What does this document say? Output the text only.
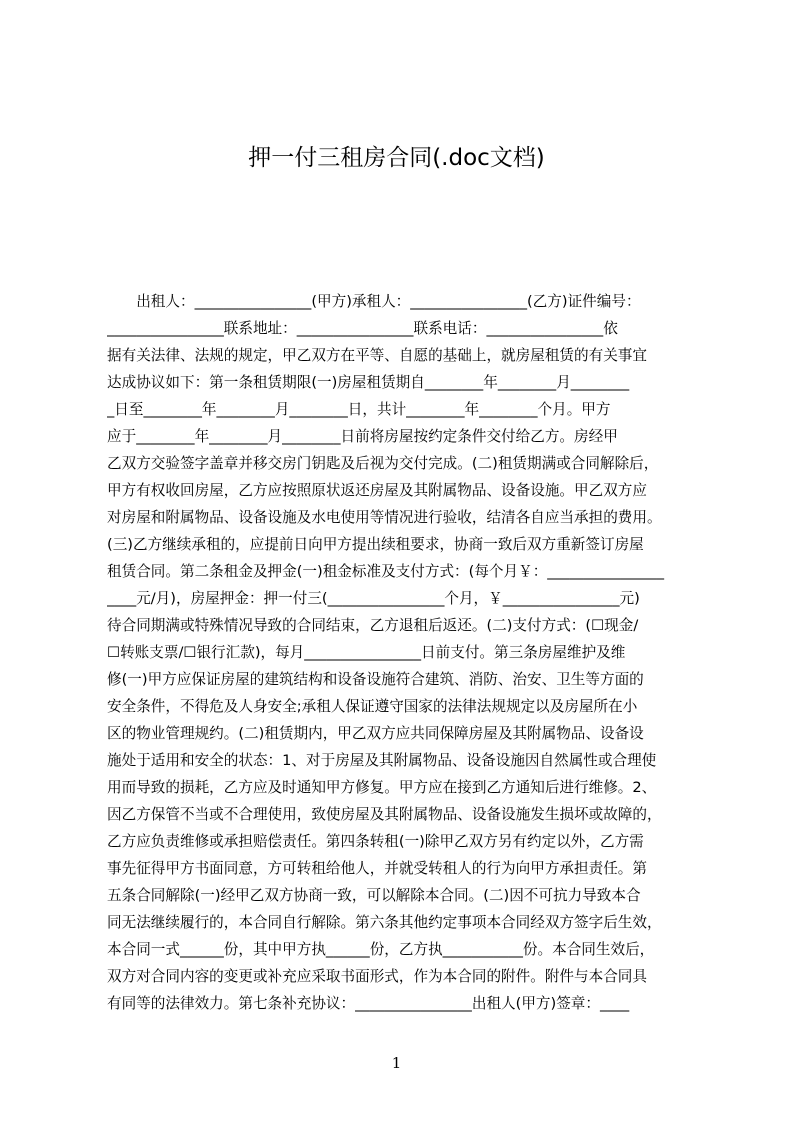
押一付三租房合同(.doc文档)
　　出租人：________________(甲方)承租人：________________(乙方)证件编号：
________________联系地址：________________联系电话：________________依
据有关法律、法规的规定，甲乙双方在平等、自愿的基础上，就房屋租赁的有关事宜
达成协议如下：第一条租赁期限(一)房屋租赁期自________年________月________
_日至________年________月________日，共计________年________个月。甲方
应于________年________月________日前将房屋按约定条件交付给乙方。房经甲
乙双方交验签字盖章并移交房门钥匙及后视为交付完成。(二)租赁期满或合同解除后，
甲方有权收回房屋，乙方应按照原状返还房屋及其附属物品、设备设施。甲乙双方应
对房屋和附属物品、设备设施及水电使用等情况进行验收，结清各自应当承担的费用。
(三)乙方继续承租的，应提前日向甲方提出续租要求，协商一致后双方重新签订房屋
租赁合同。第二条租金及押金(一)租金标准及支付方式：(每个月￥：________________
____元/月)，房屋押金：押一付三(________________个月，￥________________元)
待合同期满或特殊情况导致的合同结束，乙方退租后返还。(二)支付方式：(☐现金/
☐转账支票/☐银行汇款)，每月________________日前支付。第三条房屋维护及维
修(一)甲方应保证房屋的建筑结构和设备设施符合建筑、消防、治安、卫生等方面的
安全条件，不得危及人身安全;承租人保证遵守国家的法律法规规定以及房屋所在小
区的物业管理规约。(二)租赁期内，甲乙双方应共同保障房屋及其附属物品、设备设
施处于适用和安全的状态：1、对于房屋及其附属物品、设备设施因自然属性或合理使
用而导致的损耗，乙方应及时通知甲方修复。甲方应在接到乙方通知后进行维修。2、
因乙方保管不当或不合理使用，致使房屋及其附属物品、设备设施发生损坏或故障的，
乙方应负责维修或承担赔偿责任。第四条转租(一)除甲乙双方另有约定以外，乙方需
事先征得甲方书面同意，方可转租给他人，并就受转租人的行为向甲方承担责任。第
五条合同解除(一)经甲乙双方协商一致，可以解除本合同。(二)因不可抗力导致本合
同无法继续履行的，本合同自行解除。第六条其他约定事项本合同经双方签字后生效，
本合同一式______份，其中甲方执______份，乙方执___________份。本合同生效后，
双方对合同内容的变更或补充应采取书面形式，作为本合同的附件。附件与本合同具
有同等的法律效力。第七条补充协议：________________出租人(甲方)签章：____
1
